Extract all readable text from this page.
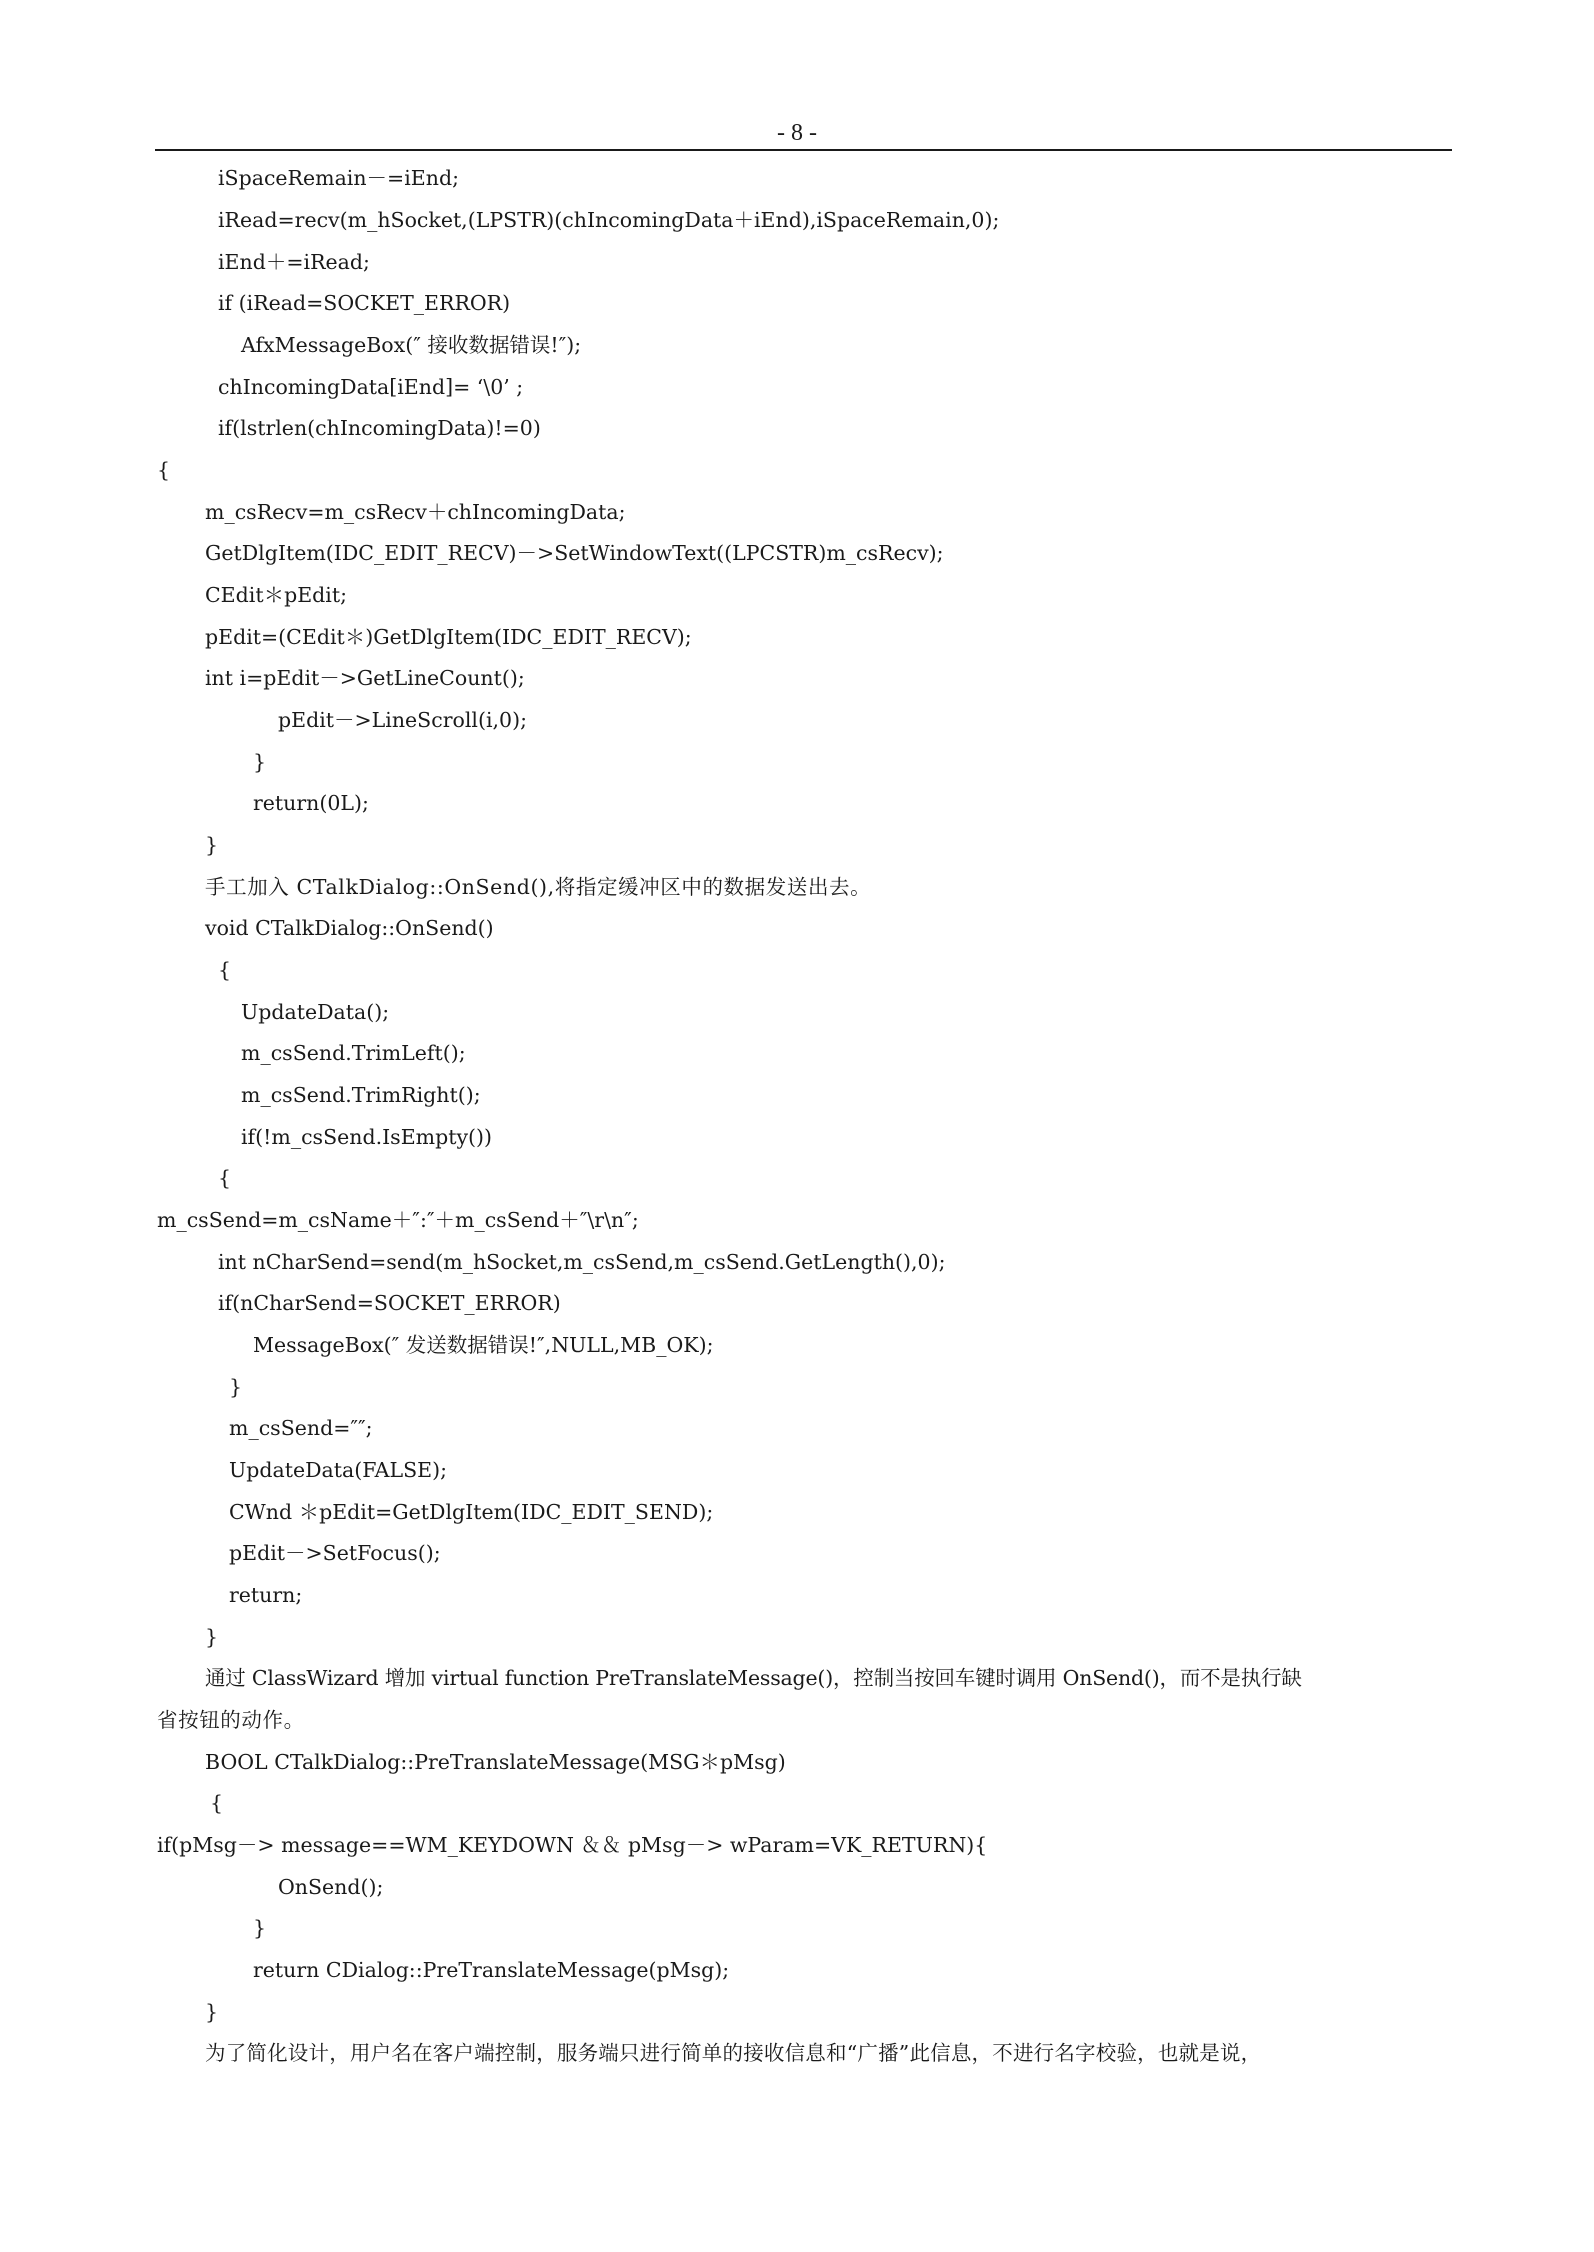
- 8 -
iSpaceRemain－=iEnd;
iRead=recv(m_hSocket,(LPSTR)(chIncomingData＋iEnd),iSpaceRemain,0);
iEnd＋=iRead;
if (iRead=SOCKET_ERROR)
AfxMessageBox(″ 接收数据错误!″);
chIncomingData[iEnd]= ‘\0’ ;
if(lstrlen(chIncomingData)!=0)
{
m_csRecv=m_csRecv＋chIncomingData;
GetDlgItem(IDC_EDIT_RECV)－>SetWindowText((LPCSTR)m_csRecv);
CEdit＊pEdit;
pEdit=(CEdit＊)GetDlgItem(IDC_EDIT_RECV);
int i=pEdit－>GetLineCount();
pEdit－>LineScroll(i,0);
}
return(0L);
}
手工加入 CTalkDialog::OnSend(),将指定缓冲区中的数据发送出去。
void CTalkDialog::OnSend()
{
UpdateData();
m_csSend.TrimLeft();
m_csSend.TrimRight();
if(!m_csSend.IsEmpty())
{
m_csSend=m_csName＋″:″＋m_csSend＋″\r\n″;
int nCharSend=send(m_hSocket,m_csSend,m_csSend.GetLength(),0);
if(nCharSend=SOCKET_ERROR)
MessageBox(″ 发送数据错误!″,NULL,MB_OK);
}
m_csSend=″″;
UpdateData(FALSE);
CWnd ＊pEdit=GetDlgItem(IDC_EDIT_SEND);
pEdit－>SetFocus();
return;
}
通过 ClassWizard 增加 virtual function PreTranslateMessage()，控制当按回车键时调用 OnSend()，而不是执行缺
省按钮的动作。
BOOL CTalkDialog::PreTranslateMessage(MSG＊pMsg)
{
if(pMsg－> message==WM_KEYDOWN ＆＆ pMsg－> wParam=VK_RETURN){
OnSend();
}
return CDialog::PreTranslateMessage(pMsg);
}
为了简化设计，用户名在客户端控制，服务端只进行简单的接收信息和“广播”此信息，不进行名字校验，也就是说，
